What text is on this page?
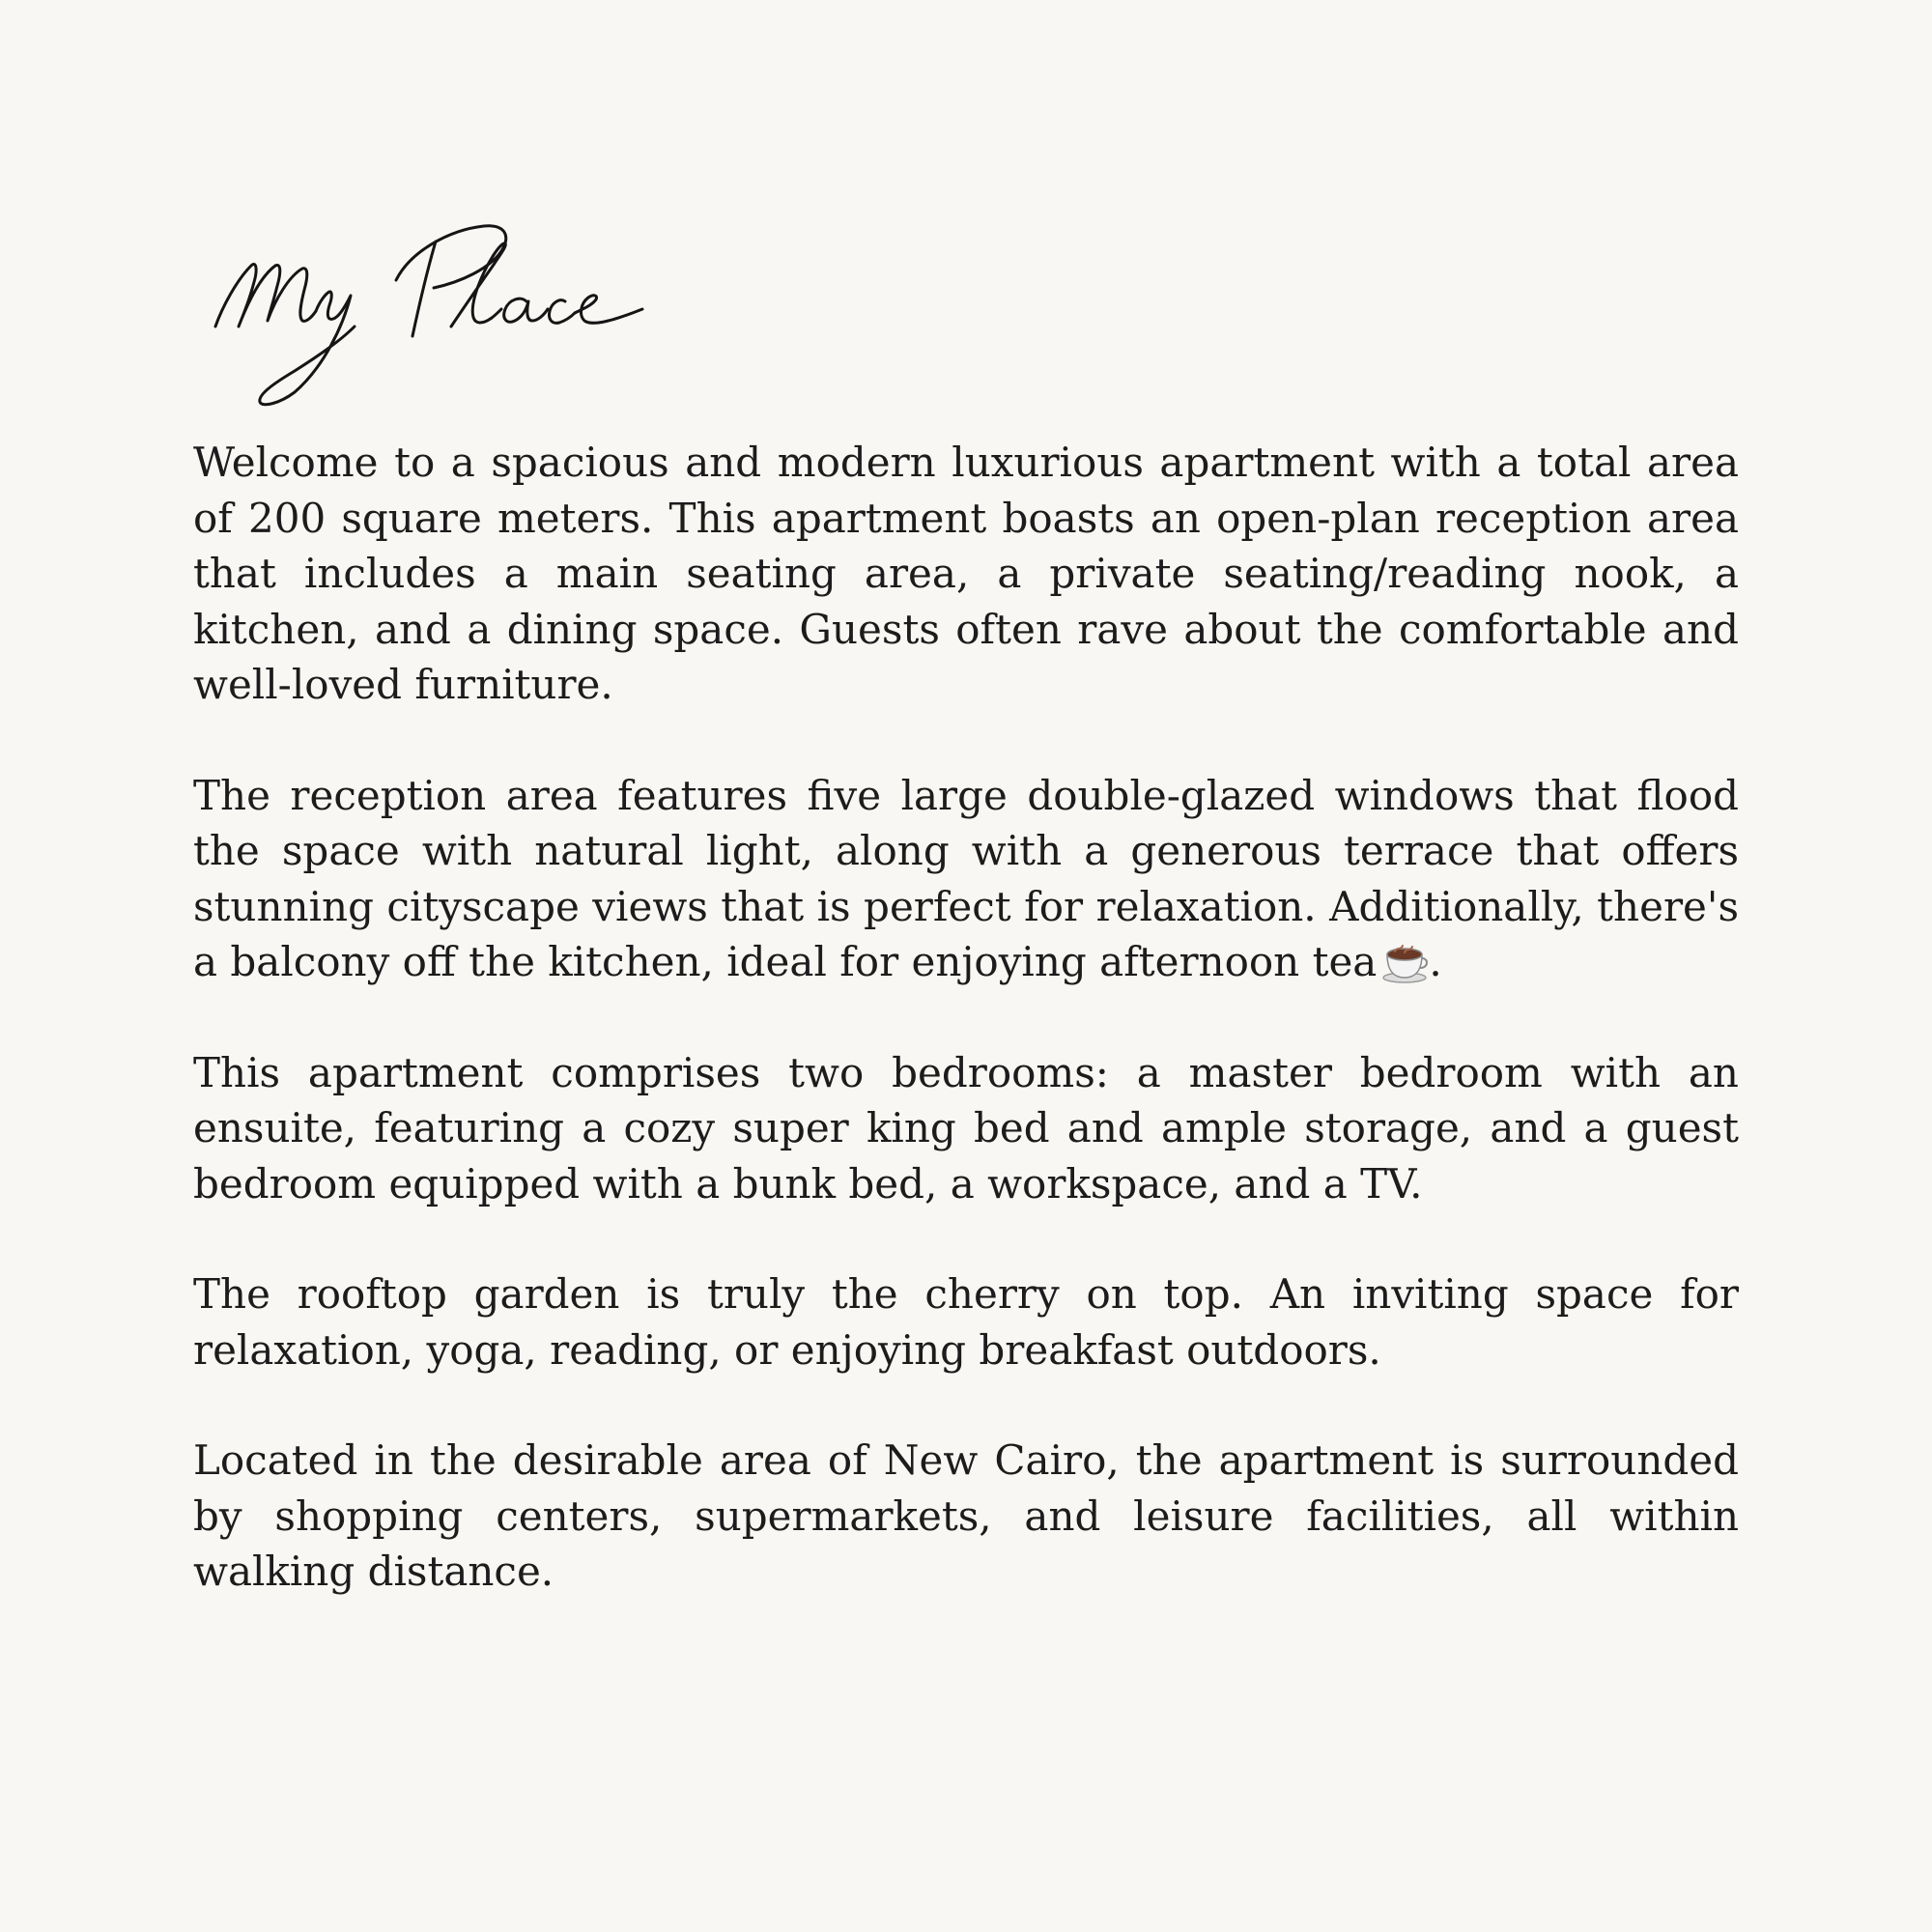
Welcome to a spacious and modern luxurious apartment with a total area of 200 square meters. This apartment boasts an open-plan reception area that includes a main seating area, a private seating/reading nook, a kitchen, and a dining space. Guests often rave about the comfortable and well-loved furniture.

The reception area features five large double-glazed windows that flood the space with natural light, along with a generous terrace that offers stunning cityscape views that is perfect for relaxation. Additionally, there's a balcony off the kitchen, ideal for enjoying afternoon tea .

This apartment comprises two bedrooms: a master bedroom with an ensuite, featuring a cozy super king bed and ample storage, and a guest bedroom equipped with a bunk bed, a workspace, and a TV.

The rooftop garden is truly the cherry on top. An inviting space for relaxation, yoga, reading, or enjoying breakfast outdoors.

Located in the desirable area of New Cairo, the apartment is surrounded by shopping centers, supermarkets, and leisure facilities, all within walking distance.
